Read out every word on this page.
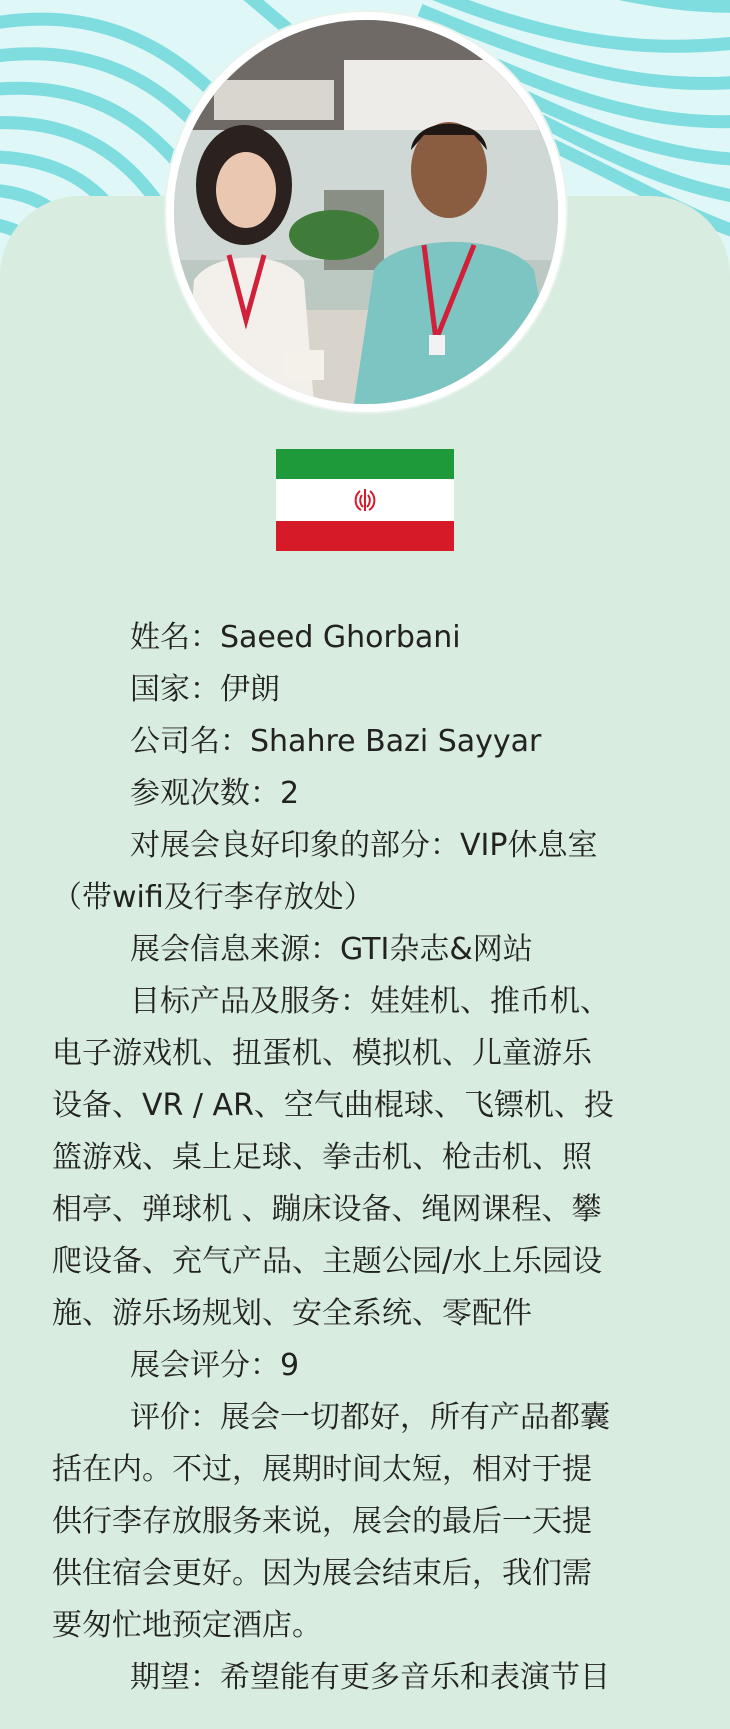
姓名：Saeed Ghorbani

国家：伊朗

公司名：Shahre Bazi Sayyar

参观次数：2

对展会良好印象的部分：VIP休息室
（带wifi及行李存放处）

展会信息来源：GTI杂志&网站

目标产品及服务：娃娃机、推币机、
电子游戏机、扭蛋机、模拟机、儿童游乐
设备、VR / AR、空气曲棍球、飞镖机、投
篮游戏、桌上足球、拳击机、枪击机、照
相亭、弹球机 、蹦床设备、绳网课程、攀
爬设备、充气产品、主题公园/水上乐园设
施、游乐场规划、安全系统、零配件

展会评分：9

评价：展会一切都好，所有产品都囊
括在内。不过，展期时间太短，相对于提
供行李存放服务来说，展会的最后一天提
供住宿会更好。因为展会结束后，我们需
要匆忙地预定酒店。

期望：希望能有更多音乐和表演节目
